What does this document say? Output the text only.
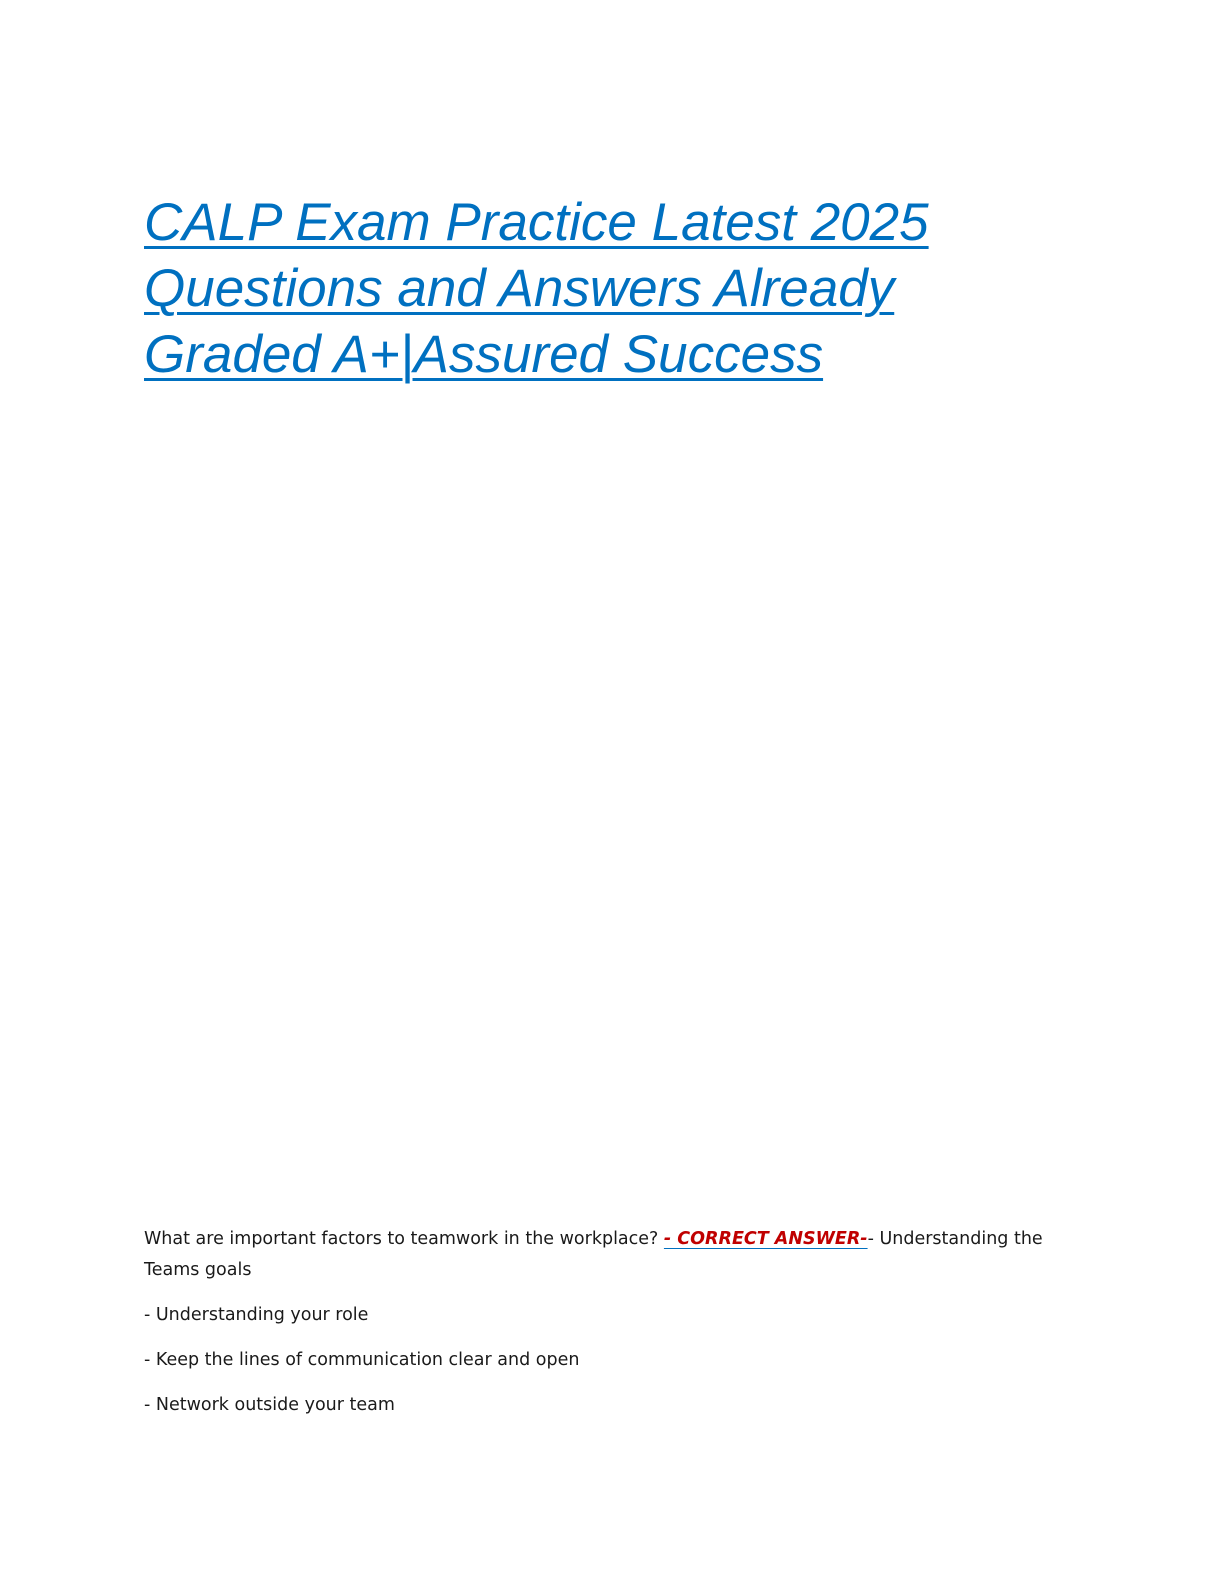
CALP Exam Practice Latest 2025
Questions and Answers Already
Graded A+|Assured Success

What are important factors to teamwork in the workplace? - CORRECT ANSWER-- Understanding the Teams goals

- Understanding your role

- Keep the lines of communication clear and open

- Network outside your team
